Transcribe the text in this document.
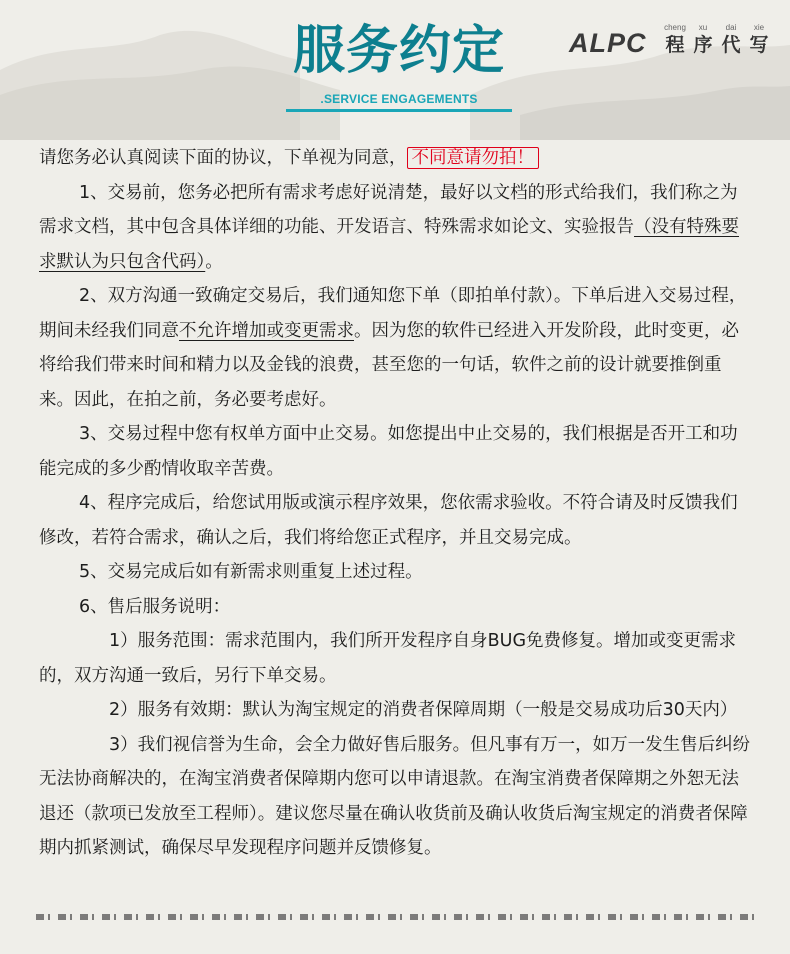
服务约定
.SERVICE ENGAGEMENTS
ALPC
cheng
程
xu
序
dai
代
xie
写

请您务必认真阅读下面的协议，下单视为同意， 不同意请勿拍！

1、交易前，您务必把所有需求考虑好说清楚，最好以文档的形式给我们，我们称之为需求文档，其中包含具体详细的功能、开发语言、特殊需求如论文、实验报告（没有特殊要求默认为只包含代码）。

2、双方沟通一致确定交易后，我们通知您下单（即拍单付款）。下单后进入交易过程，期间未经我们同意不允许增加或变更需求。因为您的软件已经进入开发阶段，此时变更，必将给我们带来时间和精力以及金钱的浪费，甚至您的一句话，软件之前的设计就要推倒重来。因此，在拍之前，务必要考虑好。

3、交易过程中您有权单方面中止交易。如您提出中止交易的，我们根据是否开工和功能完成的多少酌情收取辛苦费。

4、程序完成后，给您试用版或演示程序效果，您依需求验收。不符合请及时反馈我们修改，若符合需求，确认之后，我们将给您正式程序，并且交易完成。

5、交易完成后如有新需求则重复上述过程。

6、售后服务说明：

1）服务范围：需求范围内，我们所开发程序自身BUG免费修复。增加或变更需求的，双方沟通一致后，另行下单交易。

2）服务有效期：默认为淘宝规定的消费者保障周期（一般是交易成功后30天内）

3）我们视信誉为生命，会全力做好售后服务。但凡事有万一，如万一发生售后纠纷无法协商解决的，在淘宝消费者保障期内您可以申请退款。在淘宝消费者保障期之外恕无法退还（款项已发放至工程师）。建议您尽量在确认收货前及确认收货后淘宝规定的消费者保障期内抓紧测试，确保尽早发现程序问题并反馈修复。
